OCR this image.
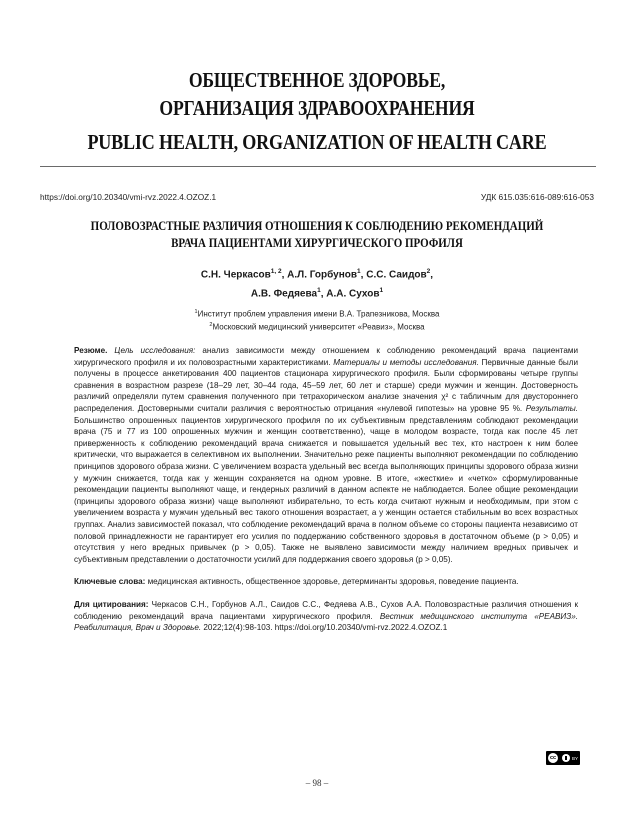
ОБЩЕСТВЕННОЕ ЗДОРОВЬЕ,
ОРГАНИЗАЦИЯ ЗДРАВООХРАНЕНИЯ
PUBLIC HEALTH, ORGANIZATION OF HEALTH CARE
https://doi.org/10.20340/vmi-rvz.2022.4.OZOZ.1	УДК 615.035:616-089:616-053
ПОЛОВОЗРАСТНЫЕ РАЗЛИЧИЯ ОТНОШЕНИЯ К СОБЛЮДЕНИЮ РЕКОМЕНДАЦИЙ ВРАЧА ПАЦИЕНТАМИ ХИРУРГИЧЕСКОГО ПРОФИЛЯ
С.Н. Черкасов$^{1, 2}$, А.Л. Горбунов$^1$, С.С. Саидов$^2$,
А.В. Федяева$^1$, А.А. Сухов$^1$
$^1$Институт проблем управления имени В.А. Трапезникова, Москва
$^2$Московский медицинский университет «Реавиз», Москва
Резюме. Цель исследования: анализ зависимости между отношением к соблюдению рекомендаций врача пациентами хирургического профиля и их половозрастными характеристиками. Материалы и методы исследования. Первичные данные были получены в процессе анкетирования 400 пациентов стационара хирургического профиля. Были сформированы четыре группы сравнения в возрастном разрезе (18–29 лет, 30–44 года, 45–59 лет, 60 лет и старше) среди мужчин и женщин. Достоверность различий определяли путем сравнения полученного при тетрахорическом анализе значения χ² с табличным для двустороннего распределения. Достоверными считали различия с вероятностью отрицания «нулевой гипотезы» на уровне 95 %. Результаты. Большинство опрошенных пациентов хирургического профиля по их субъективным представлениям соблюдают рекомендации врача (75 и 77 из 100 опрошенных мужчин и женщин соответственно), чаще в молодом возрасте, тогда как после 45 лет приверженность к соблюдению рекомендаций врача снижается и повышается удельный вес тех, кто настроен к ним более критически, что выражается в селективном их выполнении. Значительно реже пациенты выполняют рекомендации по соблюдению принципов здорового образа жизни. С увеличением возраста удельный вес всегда выполняющих принципы здорового образа жизни у мужчин снижается, тогда как у женщин сохраняется на одном уровне. В итоге, «жесткие» и «четко» сформулированные рекомендации пациенты выполняют чаще, и гендерных различий в данном аспекте не наблюдается. Более общие рекомендации (принципы здорового образа жизни) чаще выполняют избирательно, то есть когда считают нужным и необходимым, при этом с увеличением возраста у мужчин удельный вес такого отношения возрастает, а у женщин остается стабильным во всех возрастных группах. Анализ зависимостей показал, что соблюдение рекомендаций врача в полном объеме со стороны пациента независимо от половой принадлежности не гарантирует его усилия по поддержанию собственного здоровья в достаточном объеме (р > 0,05) и отсутствия у него вредных привычек (р > 0,05). Также не выявлено зависимости между наличием вредных привычек и субъективным представлении о достаточности усилий для поддержания своего здоровья (р > 0,05).
Ключевые слова: медицинская активность, общественное здоровье, детерминанты здоровья, поведение пациента.
Для цитирования: Черкасов С.Н., Горбунов А.Л., Саидов С.С., Федяева А.В., Сухов А.А. Половозрастные различия отношения к соблюдению рекомендаций врача пациентами хирургического профиля. Вестник медицинского института «РЕАВИЗ». Реабилитация, Врач и Здоровье. 2022;12(4):98-103. https://doi.org/10.20340/vmi-rvz.2022.4.OZOZ.1
cc	BY
– 98 –
